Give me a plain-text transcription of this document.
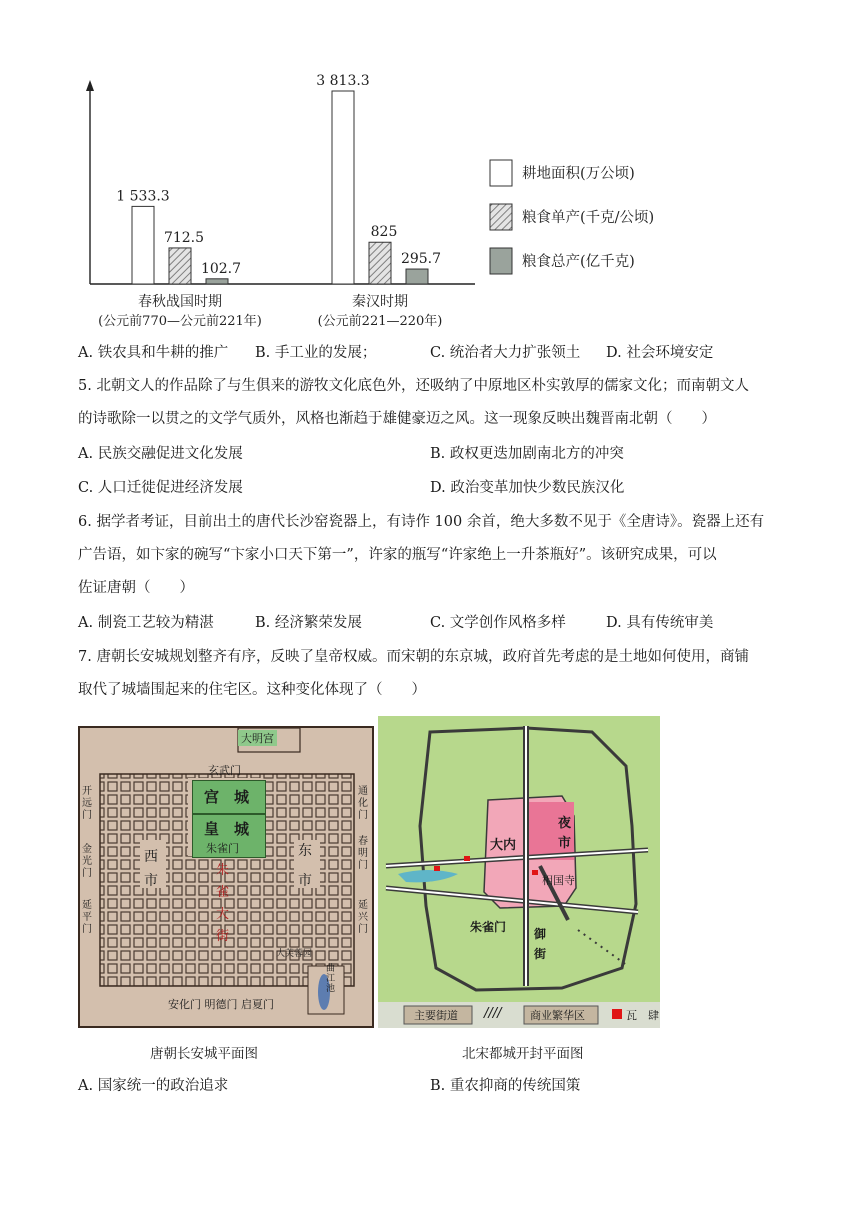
1 533.3
712.5
102.7
3 813.3
825
295.7
春秋战国时期
(公元前770—公元前221年)
秦汉时期
(公元前221—220年)
耕地面积(万公顷)
粮食单产(千克/公顷)
粮食总产(亿千克)
A. 铁农具和牛耕的推广 B. 手工业的发展；	C. 统治者大力扩张领土 D. 社会环境安定
5. 北朝文人的作品除了与生俱来的游牧文化底色外，还吸纳了中原地区朴实敦厚的儒家文化；而南朝文人
的诗歌除一以贯之的文学气质外，风格也渐趋于雄健豪迈之风。这一现象反映出魏晋南北朝（　　）
A. 民族交融促进文化发展	B. 政权更迭加剧南北方的冲突
C. 人口迁徙促进经济发展	D. 政治变革加快少数民族汉化
6. 据学者考证，目前出土的唐代长沙窑瓷器上，有诗作 100 余首，绝大多数不见于《全唐诗》。瓷器上还有
广告语，如卞家的碗写“卞家小口天下第一”，许家的瓶写“许家绝上一升茶瓶好”。该研究成果，可以
佐证唐朝（　　）
A. 制瓷工艺较为精湛	B. 经济繁荣发展	C. 文学创作风格多样	D. 具有传统审美
7. 唐朝长安城规划整齐有序，反映了皇帝权威。而宋朝的东京城，政府首先考虑的是土地如何使用，商铺
取代了城墙围起来的住宅区。这种变化体现了（　　）
大明宫
玄武门
宫　城
皇　城
朱雀门
西
市
东
市
朱雀大街
开远门
金光门
延平门
通化门
春明门
延兴门
大芙蓉园
曲江池
安化门 明德门 启夏门
大内
夜市
相国寺
朱雀门 御街
主要街道 ////	商业繁华区	瓦　肆
唐朝长安城平面图	北宋都城开封平面图
A. 国家统一的政治追求	B. 重农抑商的传统国策
